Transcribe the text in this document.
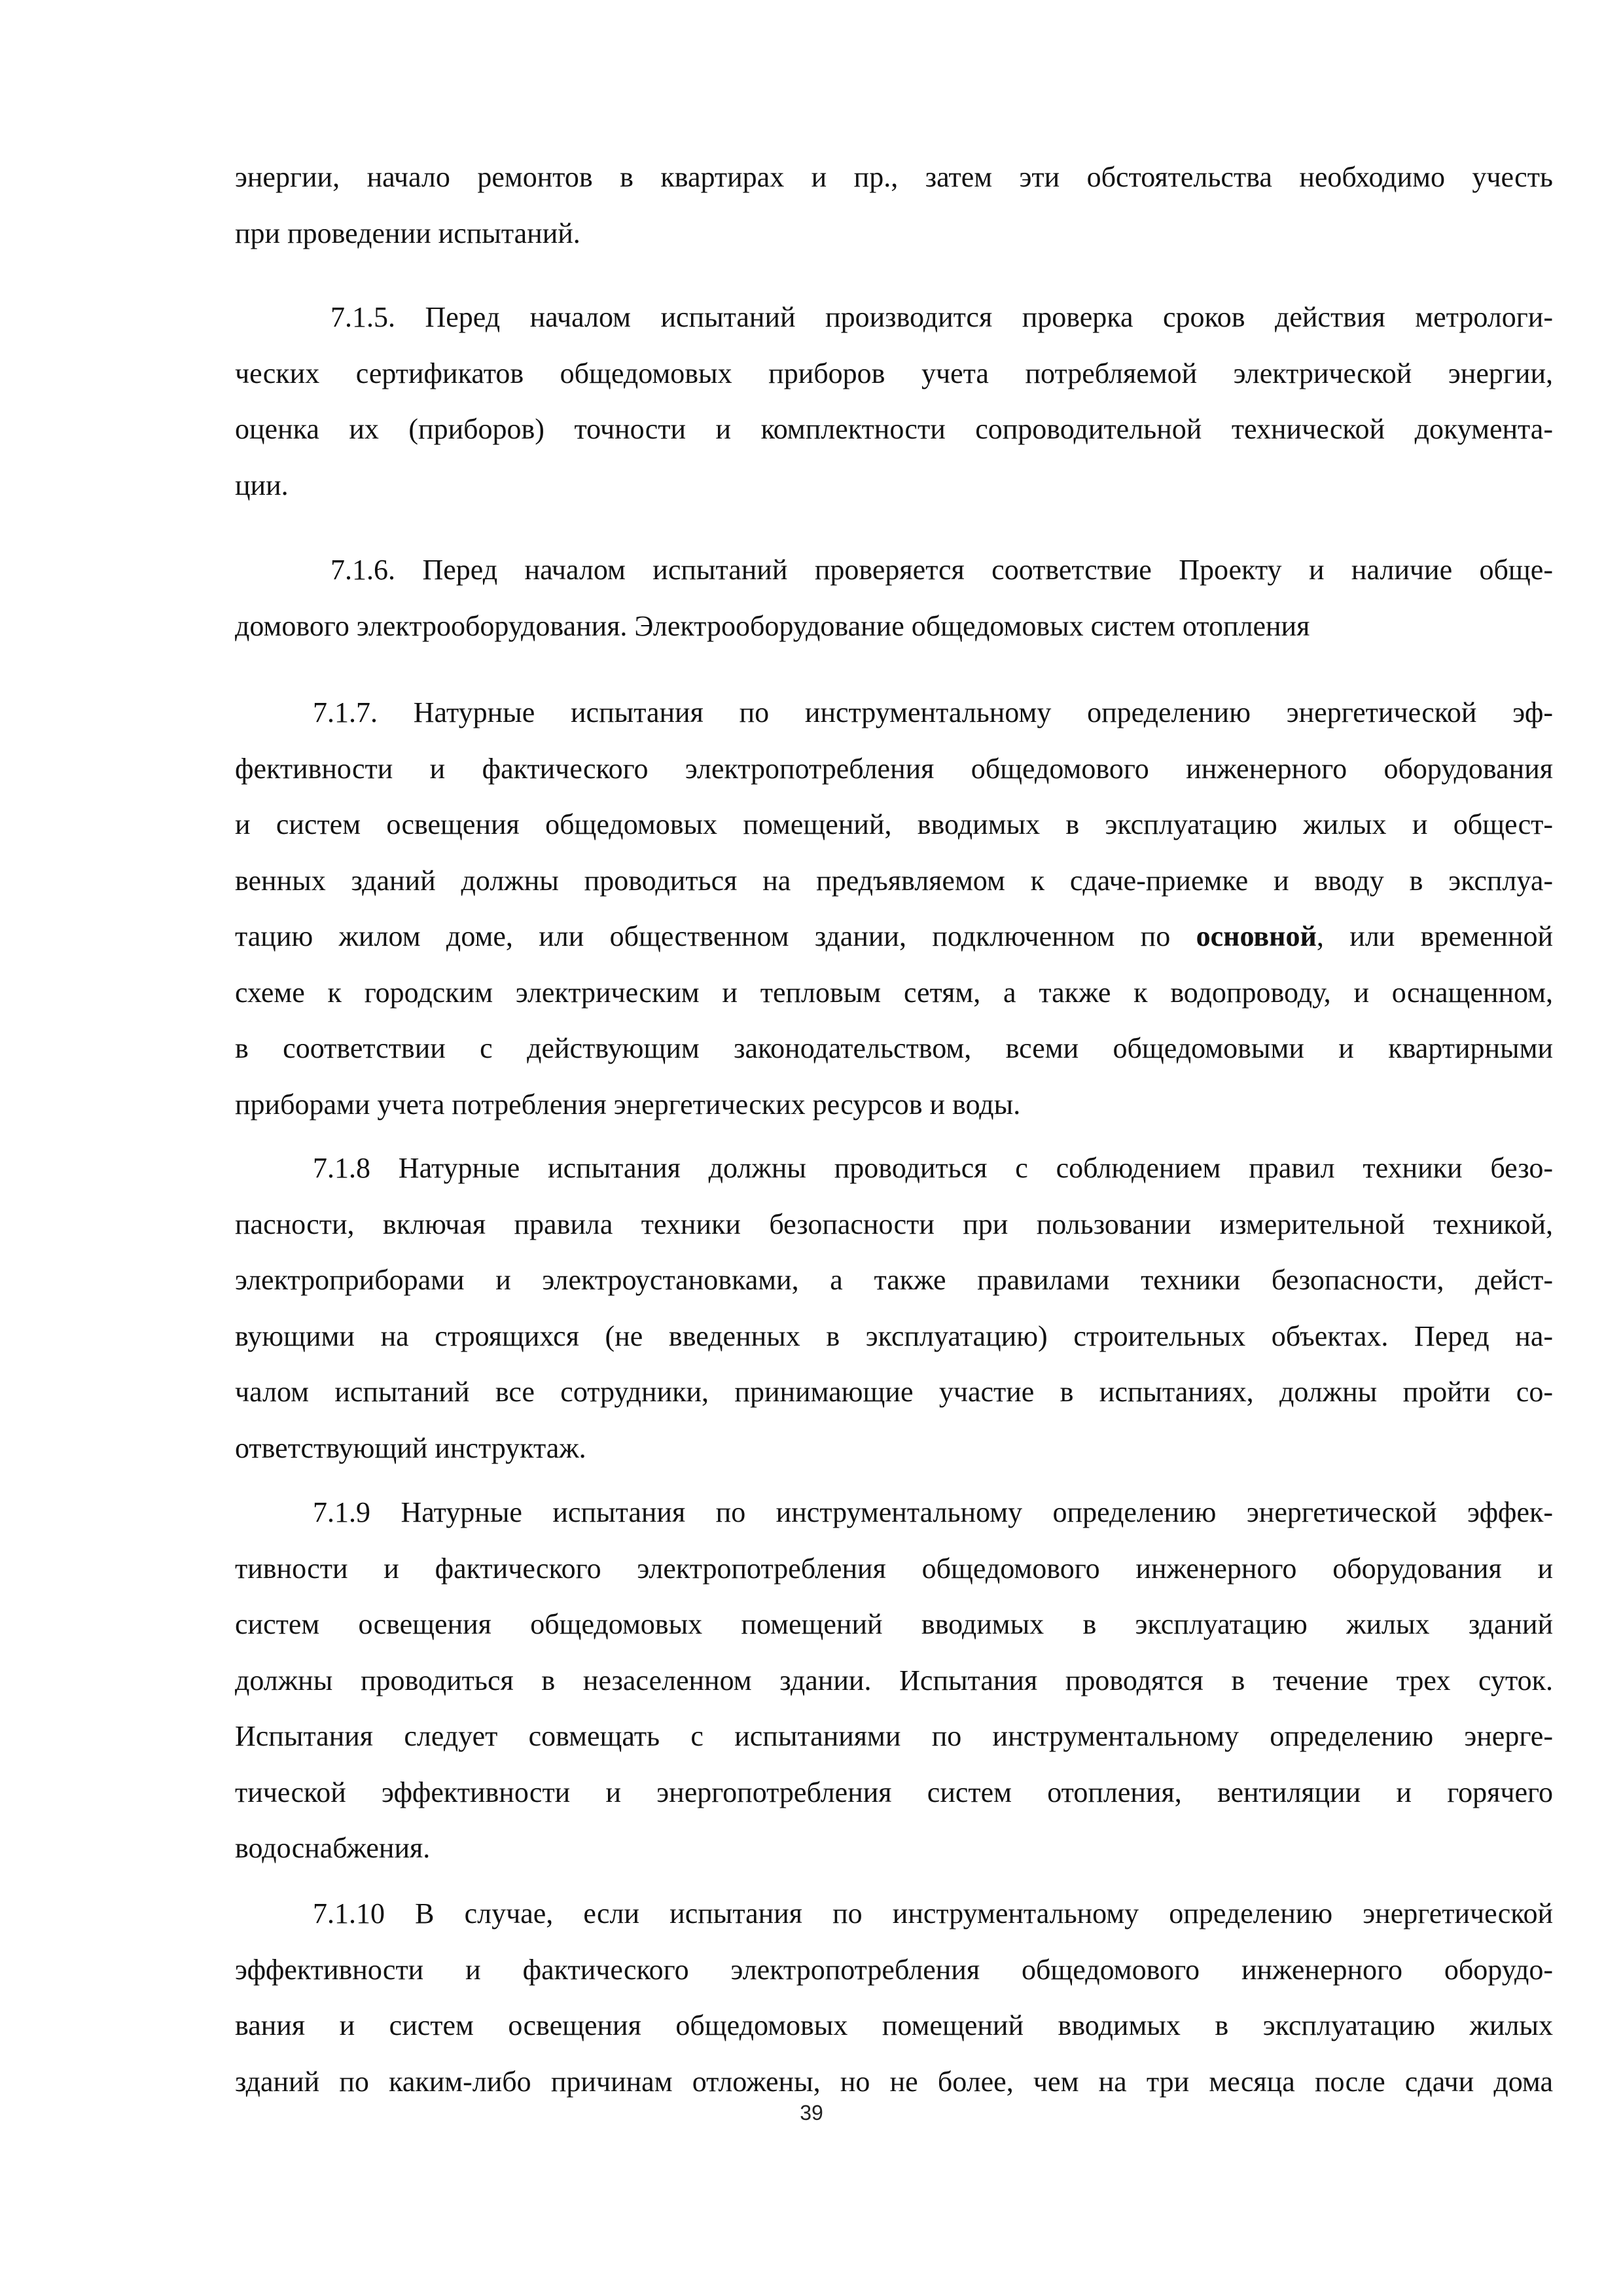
энергии, начало ремонтов в квартирах и пр., затем эти обстоятельства необходимо учесть
при проведении испытаний.
7.1.5. Перед началом испытаний производится проверка сроков действия метрологи-
ческих сертификатов общедомовых приборов учета потребляемой электрической энергии,
оценка их (приборов) точности и комплектности сопроводительной технической документа-
ции.
7.1.6. Перед началом испытаний проверяется соответствие Проекту и наличие обще-
домового электрооборудования. Электрооборудование общедомовых систем отопления
7.1.7. Натурные испытания по инструментальному определению энергетической эф-
фективности и фактического электропотребления общедомового инженерного оборудования
и систем освещения общедомовых помещений, вводимых в эксплуатацию жилых и общест-
венных зданий должны проводиться на предъявляемом к сдаче-приемке и вводу в эксплуа-
тацию жилом доме, или общественном здании, подключенном по основной, или временной
схеме к городским электрическим и тепловым сетям, а также к водопроводу, и оснащенном,
в соответствии с действующим законодательством, всеми общедомовыми и квартирными
приборами учета потребления энергетических ресурсов и воды.
7.1.8 Натурные испытания должны проводиться с соблюдением правил техники безо-
пасности, включая правила техники безопасности при пользовании измерительной техникой,
электроприборами и электроустановками, а также правилами техники безопасности, дейст-
вующими на строящихся (не введенных в эксплуатацию) строительных объектах. Перед на-
чалом испытаний все сотрудники, принимающие участие в испытаниях, должны пройти со-
ответствующий инструктаж.
7.1.9 Натурные испытания по инструментальному определению энергетической эффек-
тивности и фактического электропотребления общедомового инженерного оборудования и
систем освещения общедомовых помещений вводимых в эксплуатацию жилых зданий
должны проводиться в незаселенном здании. Испытания проводятся в течение трех суток.
Испытания следует совмещать с испытаниями по инструментальному определению энерге-
тической эффективности и энергопотребления систем отопления, вентиляции и горячего
водоснабжения.
7.1.10 В случае, если испытания по инструментальному определению энергетической
эффективности и фактического электропотребления общедомового инженерного оборудо-
вания и систем освещения общедомовых помещений вводимых в эксплуатацию жилых
зданий по каким-либо причинам отложены, но не более, чем на три месяца после сдачи дома
39
